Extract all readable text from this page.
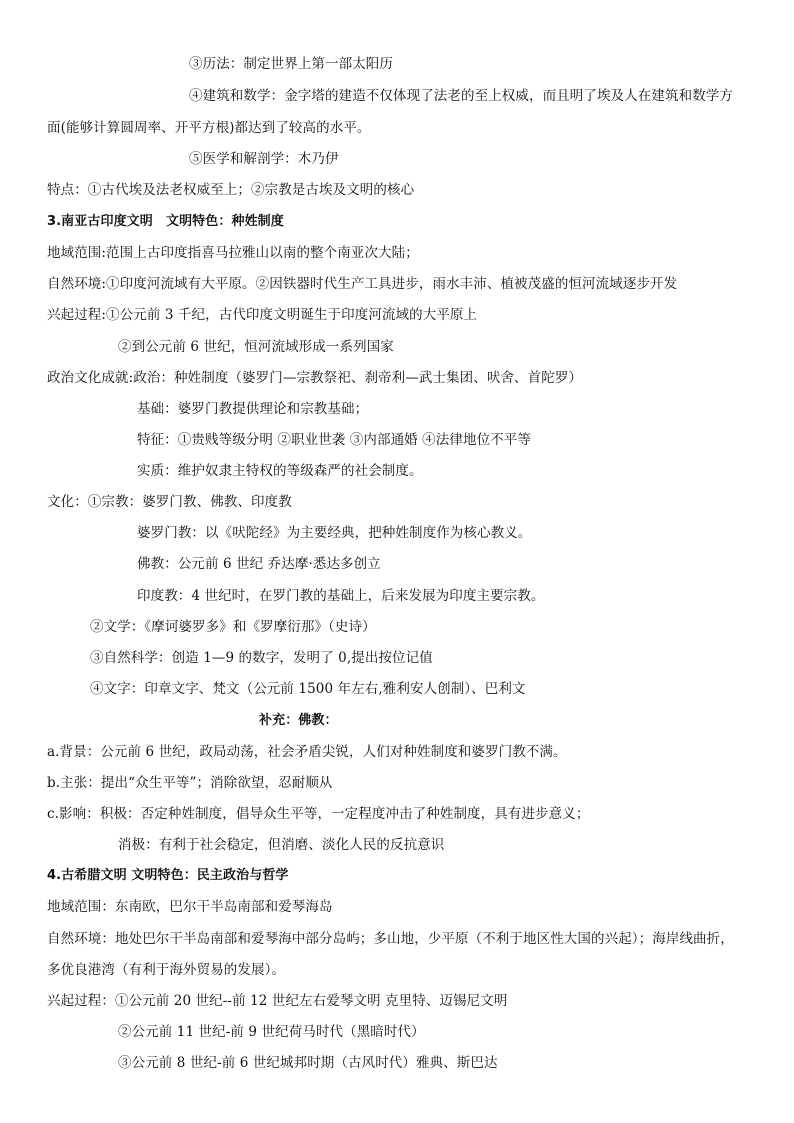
③历法：制定世界上第一部太阳历
④建筑和数学：金字塔的建造不仅体现了法老的至上权威，而且明了埃及人在建筑和数学方
面(能够计算圆周率、开平方根)都达到了较高的水平。
⑤医学和解剖学：木乃伊
特点：①古代埃及法老权威至上；②宗教是古埃及文明的核心
3.南亚古印度文明　文明特色：种姓制度
地域范围:范围上古印度指喜马拉雅山以南的整个南亚次大陆；
自然环境:①印度河流域有大平原。②因铁器时代生产工具进步，雨水丰沛、植被茂盛的恒河流域逐步开发
兴起过程:①公元前 3 千纪，古代印度文明诞生于印度河流域的大平原上
②到公元前 6 世纪，恒河流域形成一系列国家
政治文化成就:政治：种姓制度（婆罗门—宗教祭祀、刹帝利—武士集团、吠舍、首陀罗）
基础：婆罗门教提供理论和宗教基础；
特征：①贵贱等级分明 ②职业世袭 ③内部通婚 ④法律地位不平等
实质：维护奴隶主特权的等级森严的社会制度。
文化：①宗教：婆罗门教、佛教、印度教
婆罗门教：以《吠陀经》为主要经典，把种姓制度作为核心教义。
佛教：公元前 6 世纪 乔达摩·悉达多创立
印度教：4 世纪时，在罗门教的基础上，后来发展为印度主要宗教。
②文学：《摩诃婆罗多》和《罗摩衍那》（史诗）
③自然科学：创造 1—9 的数字，发明了 0,提出按位记值
④文字：印章文字、梵文（公元前 1500 年左右,雅利安人创制）、巴利文
补充：佛教：
a.背景：公元前 6 世纪，政局动荡，社会矛盾尖锐，人们对种姓制度和婆罗门教不满。
b.主张：提出“众生平等”；消除欲望，忍耐顺从
c.影响：积极：否定种姓制度，倡导众生平等，一定程度冲击了种姓制度，具有进步意义；
消极：有利于社会稳定，但消磨、淡化人民的反抗意识
4.古希腊文明 文明特色：民主政治与哲学
地域范围：东南欧，巴尔干半岛南部和爱琴海岛
自然环境：地处巴尔干半岛南部和爱琴海中部分岛屿；多山地，少平原（不利于地区性大国的兴起）；海岸线曲折，
多优良港湾（有利于海外贸易的发展）。
兴起过程：①公元前 20 世纪--前 12 世纪左右爱琴文明 克里特、迈锡尼文明
②公元前 11 世纪-前 9 世纪荷马时代（黑暗时代）
③公元前 8 世纪-前 6 世纪城邦时期（古风时代）雅典、斯巴达
